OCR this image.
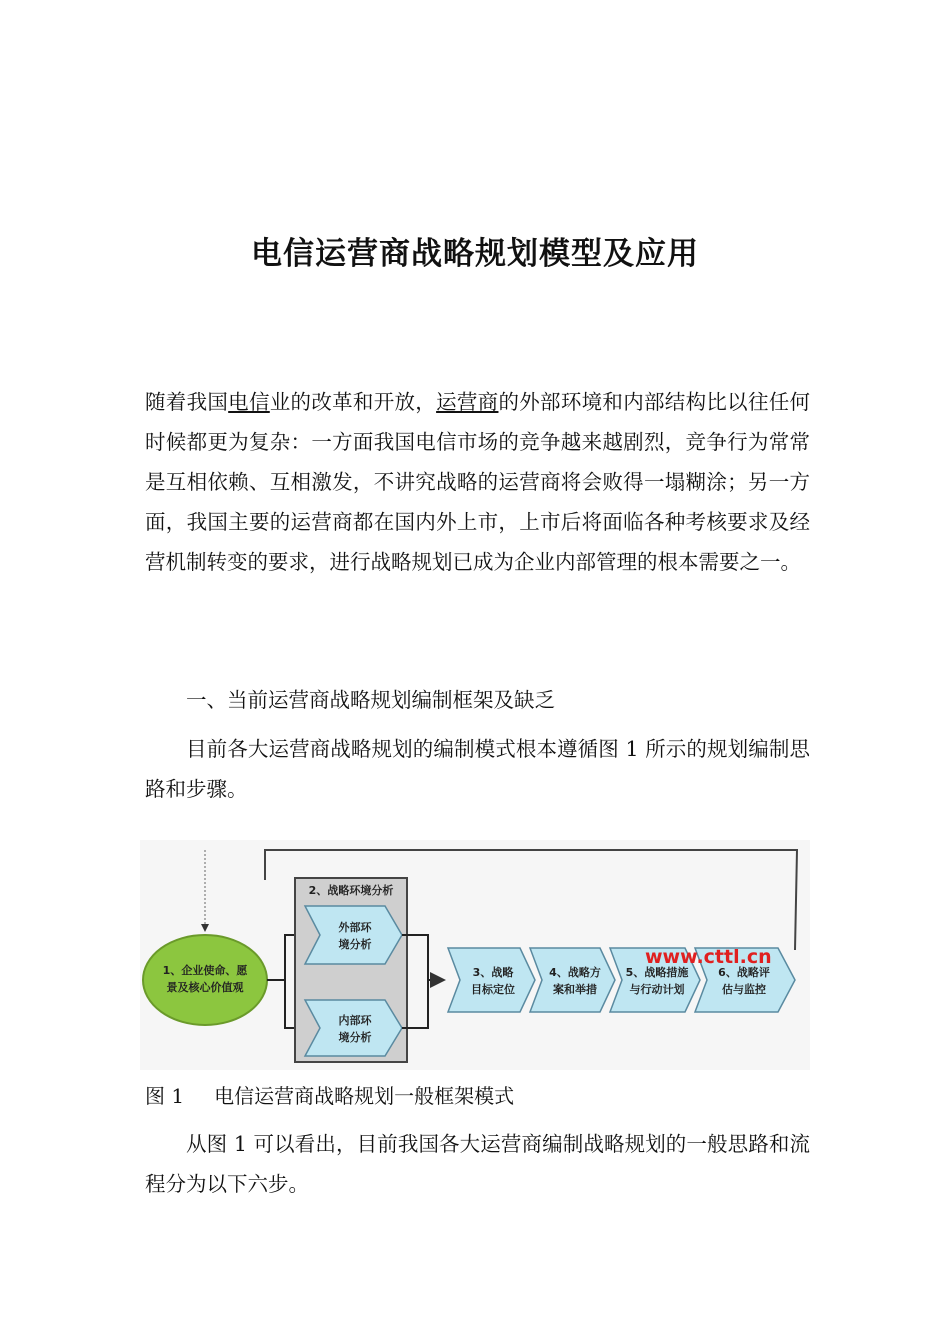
电信运营商战略规划模型及应用

随着我国电信业的改革和开放，运营商的外部环境和内部结构比以往任何时候都更为复杂：一方面我国电信市场的竞争越来越剧烈，竞争行为常常是互相依赖、互相激发，不讲究战略的运营商将会败得一塌糊涂；另一方面，我国主要的运营商都在国内外上市，上市后将面临各种考核要求及经营机制转变的要求，进行战略规划已成为企业内部管理的根本需要之一。

一、当前运营商战略规划编制框架及缺乏

目前各大运营商战略规划的编制模式根本遵循图 1 所示的规划编制思路和步骤。

1、企业使命、愿
景及核心价值观
2、战略环境分析
外部环
境分析
内部环
境分析
3、战略
目标定位
4、战略方
案和举措
5、战略措施
与行动计划
6、战略评
估与监控
www.cttl.cn

图 1 电信运营商战略规划一般框架模式

从图 1 可以看出，目前我国各大运营商编制战略规划的一般思路和流程分为以下六步。
